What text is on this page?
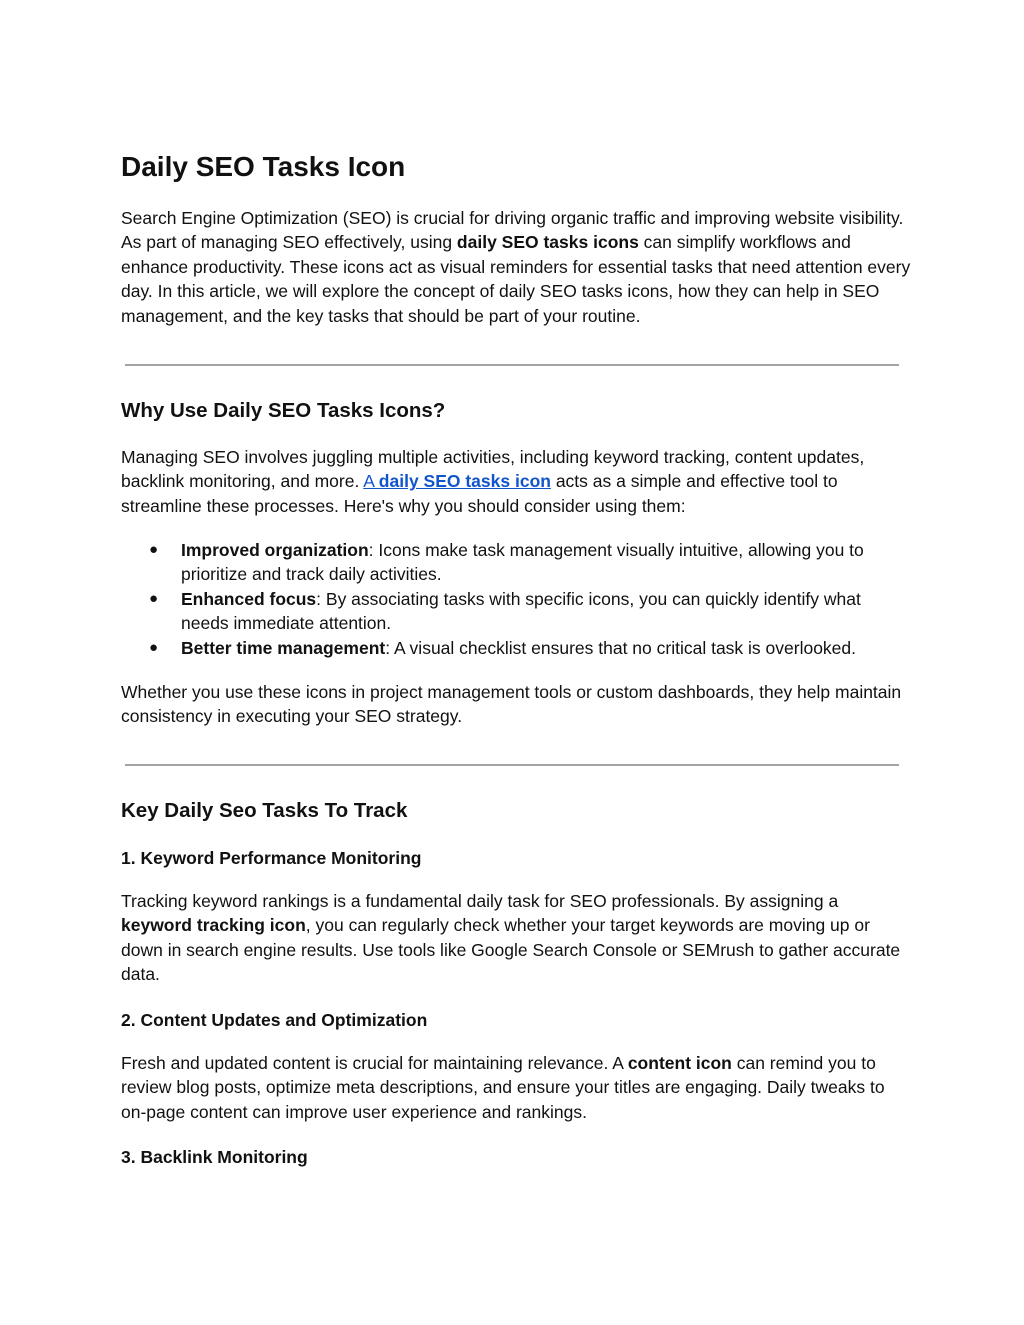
Daily SEO Tasks Icon

Search Engine Optimization (SEO) is crucial for driving organic traffic and improving website visibility. As part of managing SEO effectively, using daily SEO tasks icons can simplify workflows and enhance productivity. These icons act as visual reminders for essential tasks that need attention every day. In this article, we will explore the concept of daily SEO tasks icons, how they can help in SEO management, and the key tasks that should be part of your routine.

Why Use Daily SEO Tasks Icons?

Managing SEO involves juggling multiple activities, including keyword tracking, content updates, backlink monitoring, and more. A daily SEO tasks icon acts as a simple and effective tool to streamline these processes. Here's why you should consider using them:

● Improved organization: Icons make task management visually intuitive, allowing you to prioritize and track daily activities.
● Enhanced focus: By associating tasks with specific icons, you can quickly identify what needs immediate attention.
● Better time management: A visual checklist ensures that no critical task is overlooked.

Whether you use these icons in project management tools or custom dashboards, they help maintain consistency in executing your SEO strategy.

Key Daily Seo Tasks To Track
1. Keyword Performance Monitoring

Tracking keyword rankings is a fundamental daily task for SEO professionals. By assigning a keyword tracking icon, you can regularly check whether your target keywords are moving up or down in search engine results. Use tools like Google Search Console or SEMrush to gather accurate data.

2. Content Updates and Optimization

Fresh and updated content is crucial for maintaining relevance. A content icon can remind you to review blog posts, optimize meta descriptions, and ensure your titles are engaging. Daily tweaks to on-page content can improve user experience and rankings.

3. Backlink Monitoring
